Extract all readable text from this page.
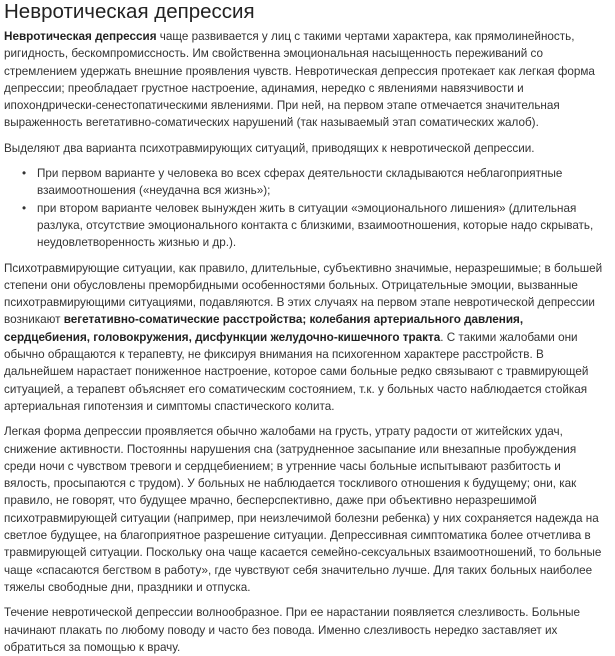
Невротическая депрессия

Невротическая депрессия чаще развивается у лиц с такими чертами характера, как прямолинейность, ригидность, бескомпромиссность. Им свойственна эмоциональная насыщенность переживаний со стремлением удержать внешние проявления чувств. Невротическая депрессия протекает как легкая форма депрессии; преобладает грустное настроение, адинамия, нередко с явлениями навязчивости и ипохондрически-сенестопатическими явлениями. При ней, на первом этапе отмечается значительная выраженность вегетативно-соматических нарушений (так называемый этап соматических жалоб).

Выделяют два варианта психотравмирующих ситуаций, приводящих к невротической депрессии.

• При первом варианте у человека во всех сферах деятельности складываются неблагоприятные взаимоотношения («неудачна вся жизнь»);
• при втором варианте человек вынужден жить в ситуации «эмоционального лишения» (длительная разлука, отсутствие эмоционального контакта с близкими, взаимоотношения, которые надо скрывать, неудовлетворенность жизнью и др.).

Психотравмирующие ситуации, как правило, длительные, субъективно значимые, неразрешимые; в большей степени они обусловлены преморбидными особенностями больных. Отрицательные эмоции, вызванные психотравмирующими ситуациями, подавляются. В этих случаях на первом этапе невротической депрессии возникают вегетативно-соматические расстройства; колебания артериального давления, сердцебиения, головокружения, дисфункции желудочно-кишечного тракта. С такими жалобами они обычно обращаются к терапевту, не фиксируя внимания на психогенном характере расстройств. В дальнейшем нарастает пониженное настроение, которое сами больные редко связывают с травмирующей ситуацией, а терапевт объясняет его соматическим состоянием, т.к. у больных часто наблюдается стойкая артериальная гипотензия и симптомы спастического колита.

Легкая форма депрессии проявляется обычно жалобами на грусть, утрату радости от житейских удач, снижение активности. Постоянны нарушения сна (затрудненное засыпание или внезапные пробуждения среди ночи с чувством тревоги и сердцебиением; в утренние часы больные испытывают разбитость и вялость, просыпаются с трудом). У больных не наблюдается тоскливого отношения к будущему; они, как правило, не говорят, что будущее мрачно, бесперспективно, даже при объективно неразрешимой психотравмирующей ситуации (например, при неизлечимой болезни ребенка) у них сохраняется надежда на светлое будущее, на благоприятное разрешение ситуации. Депрессивная симптоматика более отчетлива в травмирующей ситуации. Поскольку она чаще касается семейно-сексуальных взаимоотношений, то больные чаще «спасаются бегством в работу», где чувствуют себя значительно лучше. Для таких больных наиболее тяжелы свободные дни, праздники и отпуска.

Течение невротической депрессии волнообразное. При ее нарастании появляется слезливость. Больные начинают плакать по любому поводу и часто без повода. Именно слезливость нередко заставляет их обратиться за помощью к врачу.
